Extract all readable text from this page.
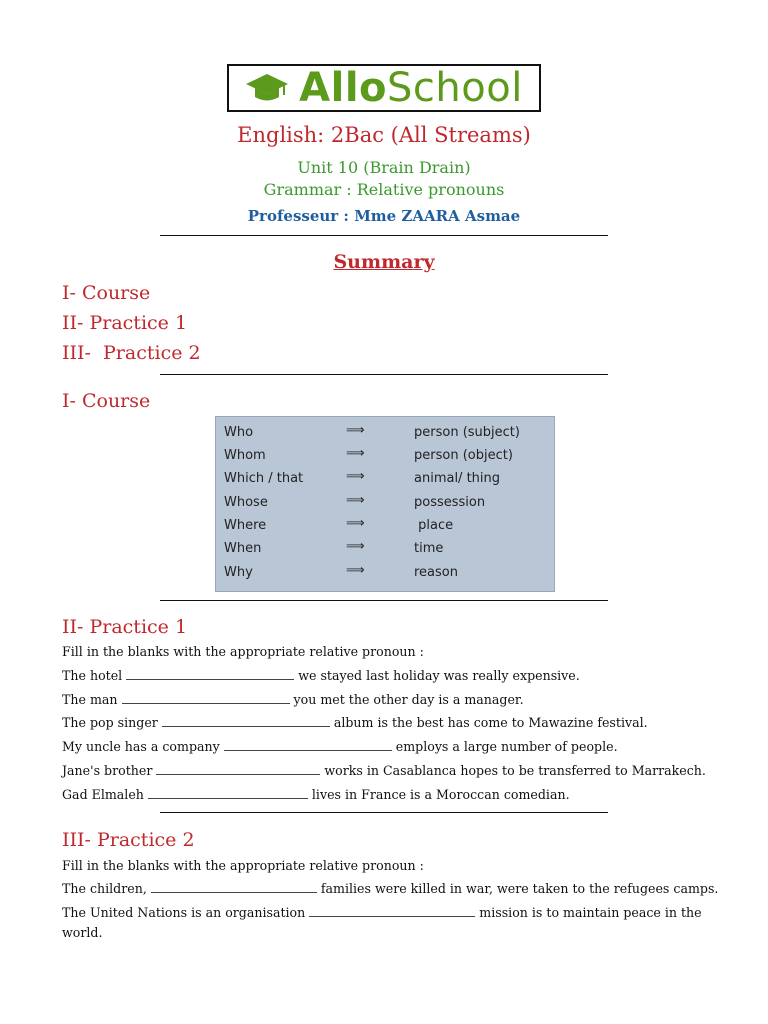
AlloSchool
English: 2Bac (All Streams)
Unit 10 (Brain Drain)
Grammar : Relative pronouns
Professeur : Mme ZAARA Asmae
Summary
I- Course
II- Practice 1
III-  Practice 2
I- Course
Who	⟹	person (subject)
Whom	⟹	person (object)
Which / that	⟹	animal/ thing
Whose	⟹	possession
Where	⟹	place
When	⟹	time
Why	⟹	reason
II- Practice 1
Fill in the blanks with the appropriate relative pronoun :
The hotel	we stayed last holiday was really expensive.
The man	you met the other day is a manager.
The pop singer	album is the best has come to Mawazine festival.
My uncle has a company	employs a large number of people.
Jane's brother	works in Casablanca hopes to be transferred to Marrakech.
Gad Elmaleh	lives in France is a Moroccan comedian.
III- Practice 2
Fill in the blanks with the appropriate relative pronoun :
The children,	families were killed in war, were taken to the refugees camps.
The United Nations is an organisation	mission is to maintain peace in the
world.
